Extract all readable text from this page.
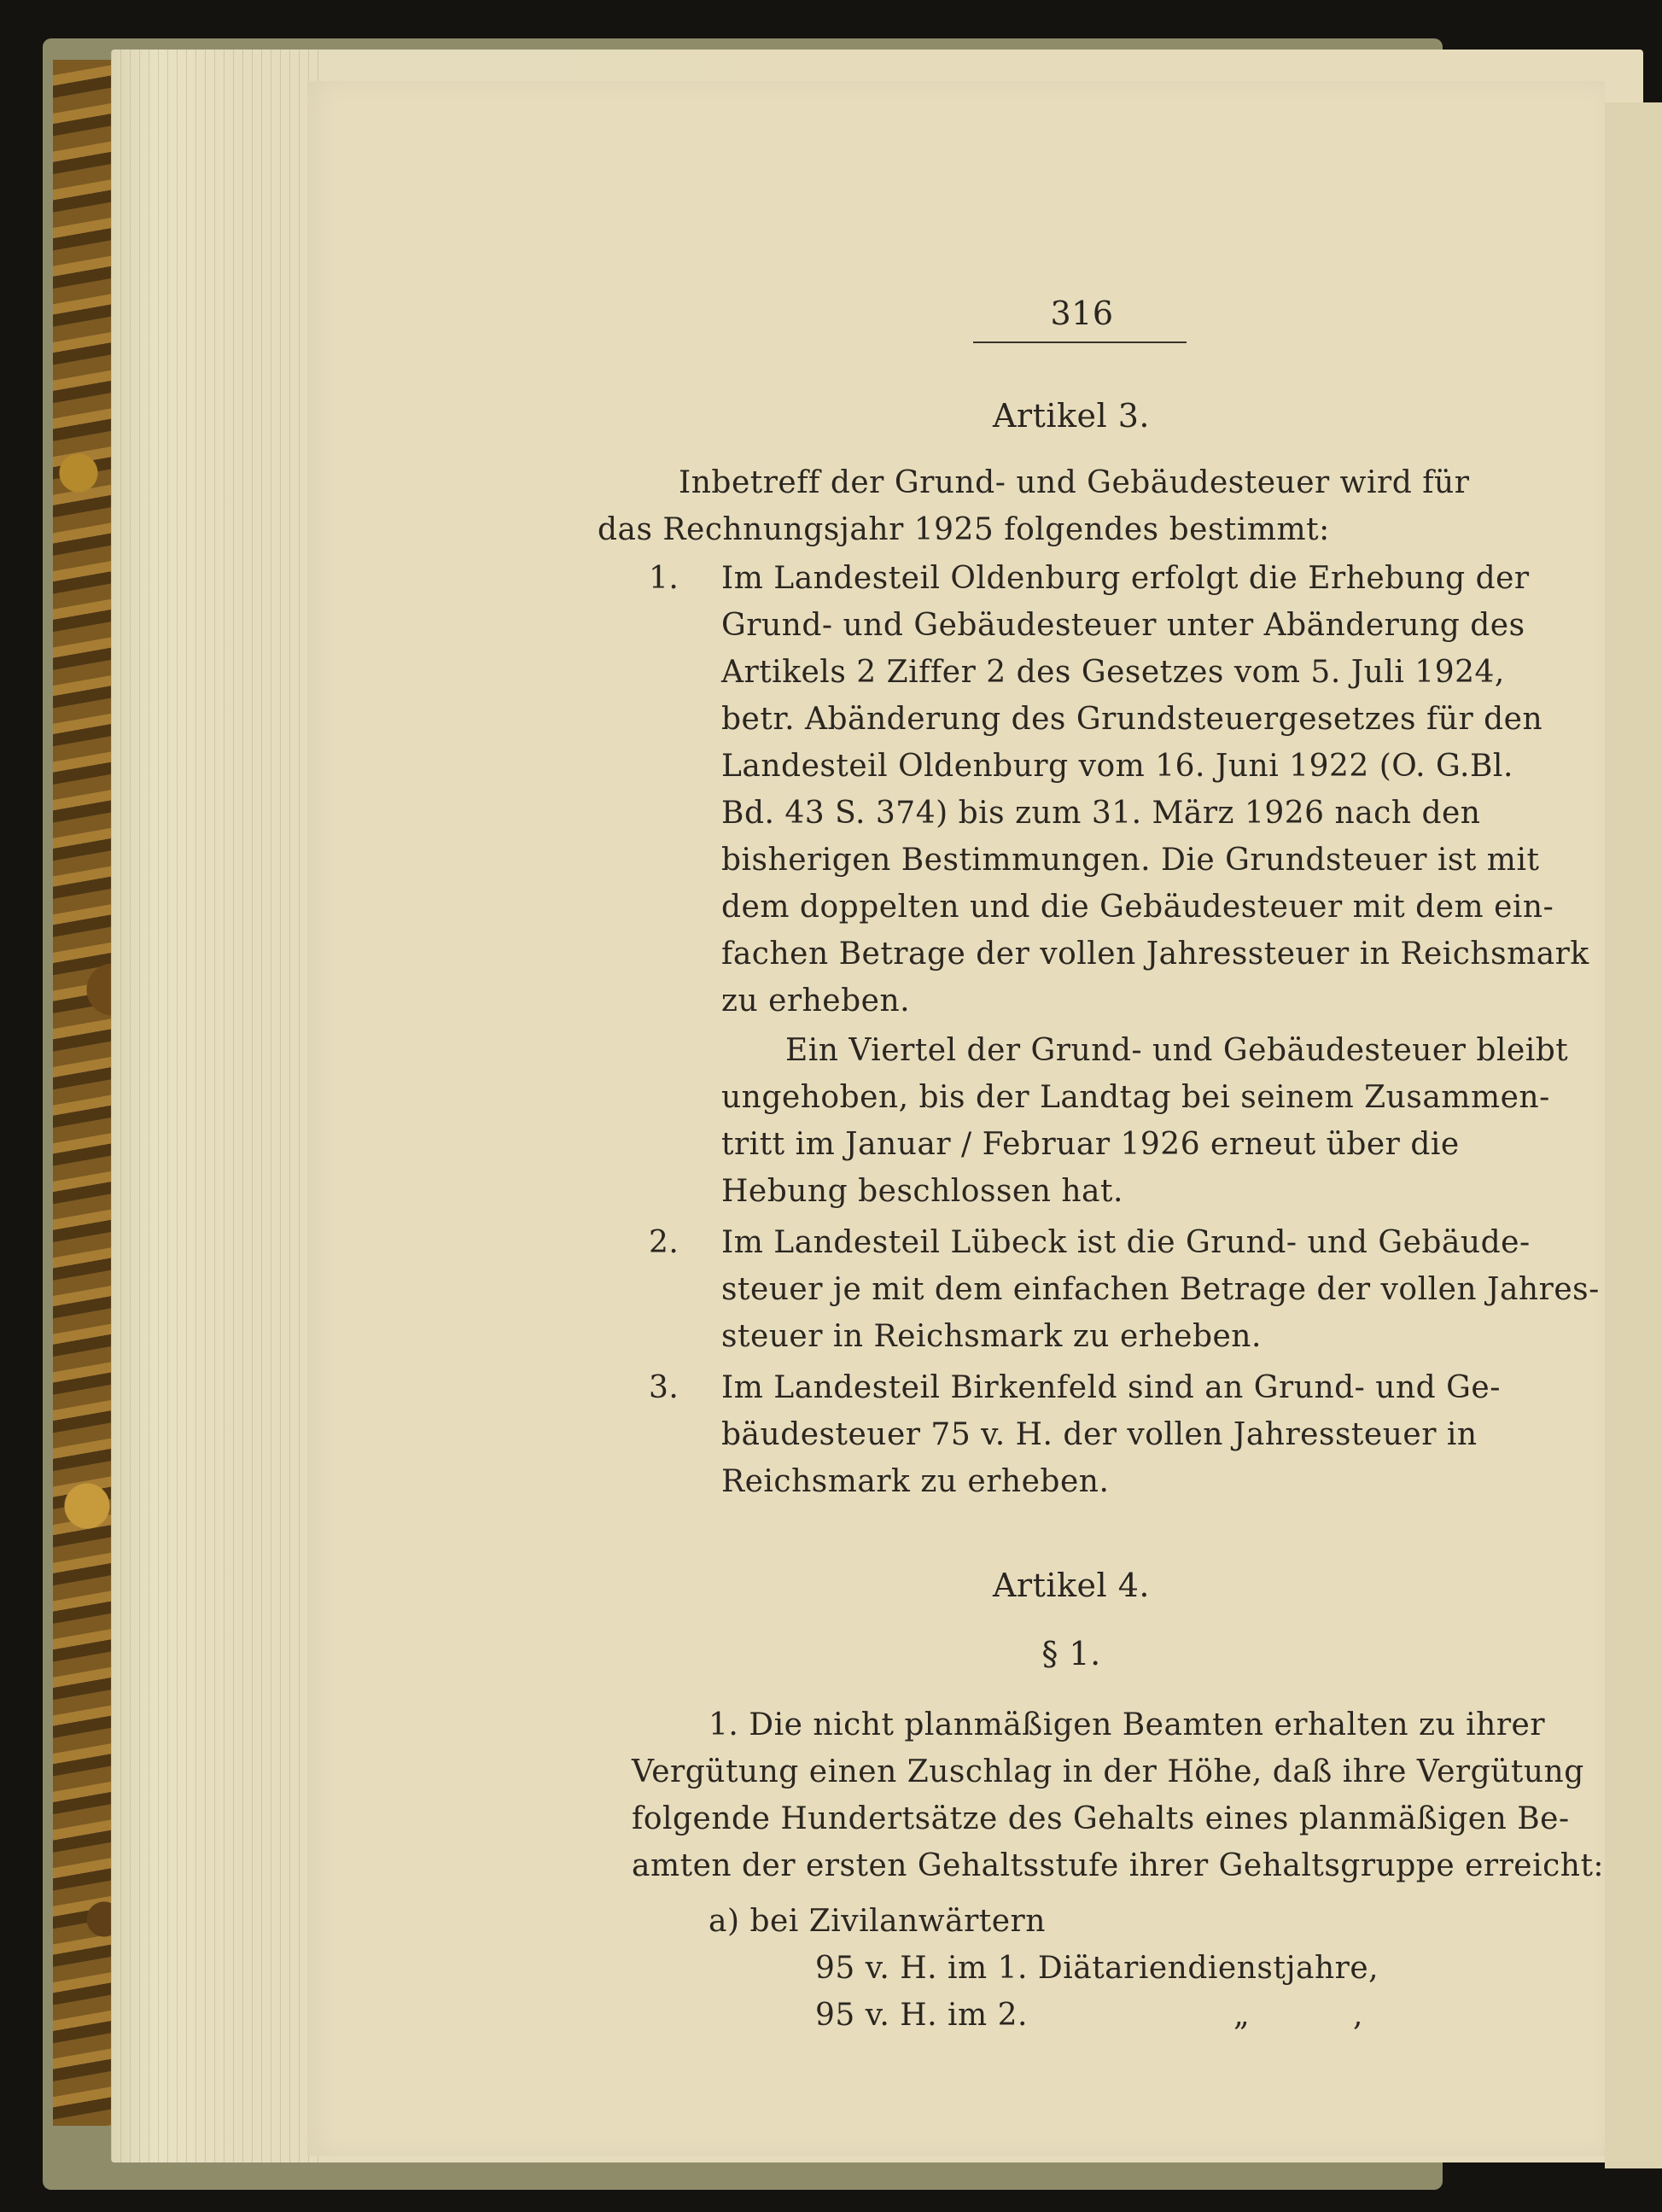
316
Artikel 3.
Inbetreff der Grund- und Gebäudesteuer wird für
das Rechnungsjahr 1925 folgendes bestimmt:
1. Im Landesteil Oldenburg erfolgt die Erhebung der
Grund- und Gebäudesteuer unter Abänderung des
Artikels 2 Ziffer 2 des Gesetzes vom 5. Juli 1924,
betr. Abänderung des Grundsteuergesetzes für den
Landesteil Oldenburg vom 16. Juni 1922 (O. G.Bl.
Bd. 43 S. 374) bis zum 31. März 1926 nach den
bisherigen Bestimmungen. Die Grundsteuer ist mit
dem doppelten und die Gebäudesteuer mit dem ein-
fachen Betrage der vollen Jahressteuer in Reichsmark
zu erheben.
Ein Viertel der Grund- und Gebäudesteuer bleibt
ungehoben, bis der Landtag bei seinem Zusammen-
tritt im Januar / Februar 1926 erneut über die
Hebung beschlossen hat.
2. Im Landesteil Lübeck ist die Grund- und Gebäude-
steuer je mit dem einfachen Betrage der vollen Jahres-
steuer in Reichsmark zu erheben.
3. Im Landesteil Birkenfeld sind an Grund- und Ge-
bäudesteuer 75 v. H. der vollen Jahressteuer in
Reichsmark zu erheben.
Artikel 4.
§ 1.
1. Die nicht planmäßigen Beamten erhalten zu ihrer
Vergütung einen Zuschlag in der Höhe, daß ihre Vergütung
folgende Hundertsätze des Gehalts eines planmäßigen Be-
amten der ersten Gehaltsstufe ihrer Gehaltsgruppe erreicht:
a) bei Zivilanwärtern
95 v. H. im 1. Diätariendienstjahre,
95 v. H. im 2.	„	,
